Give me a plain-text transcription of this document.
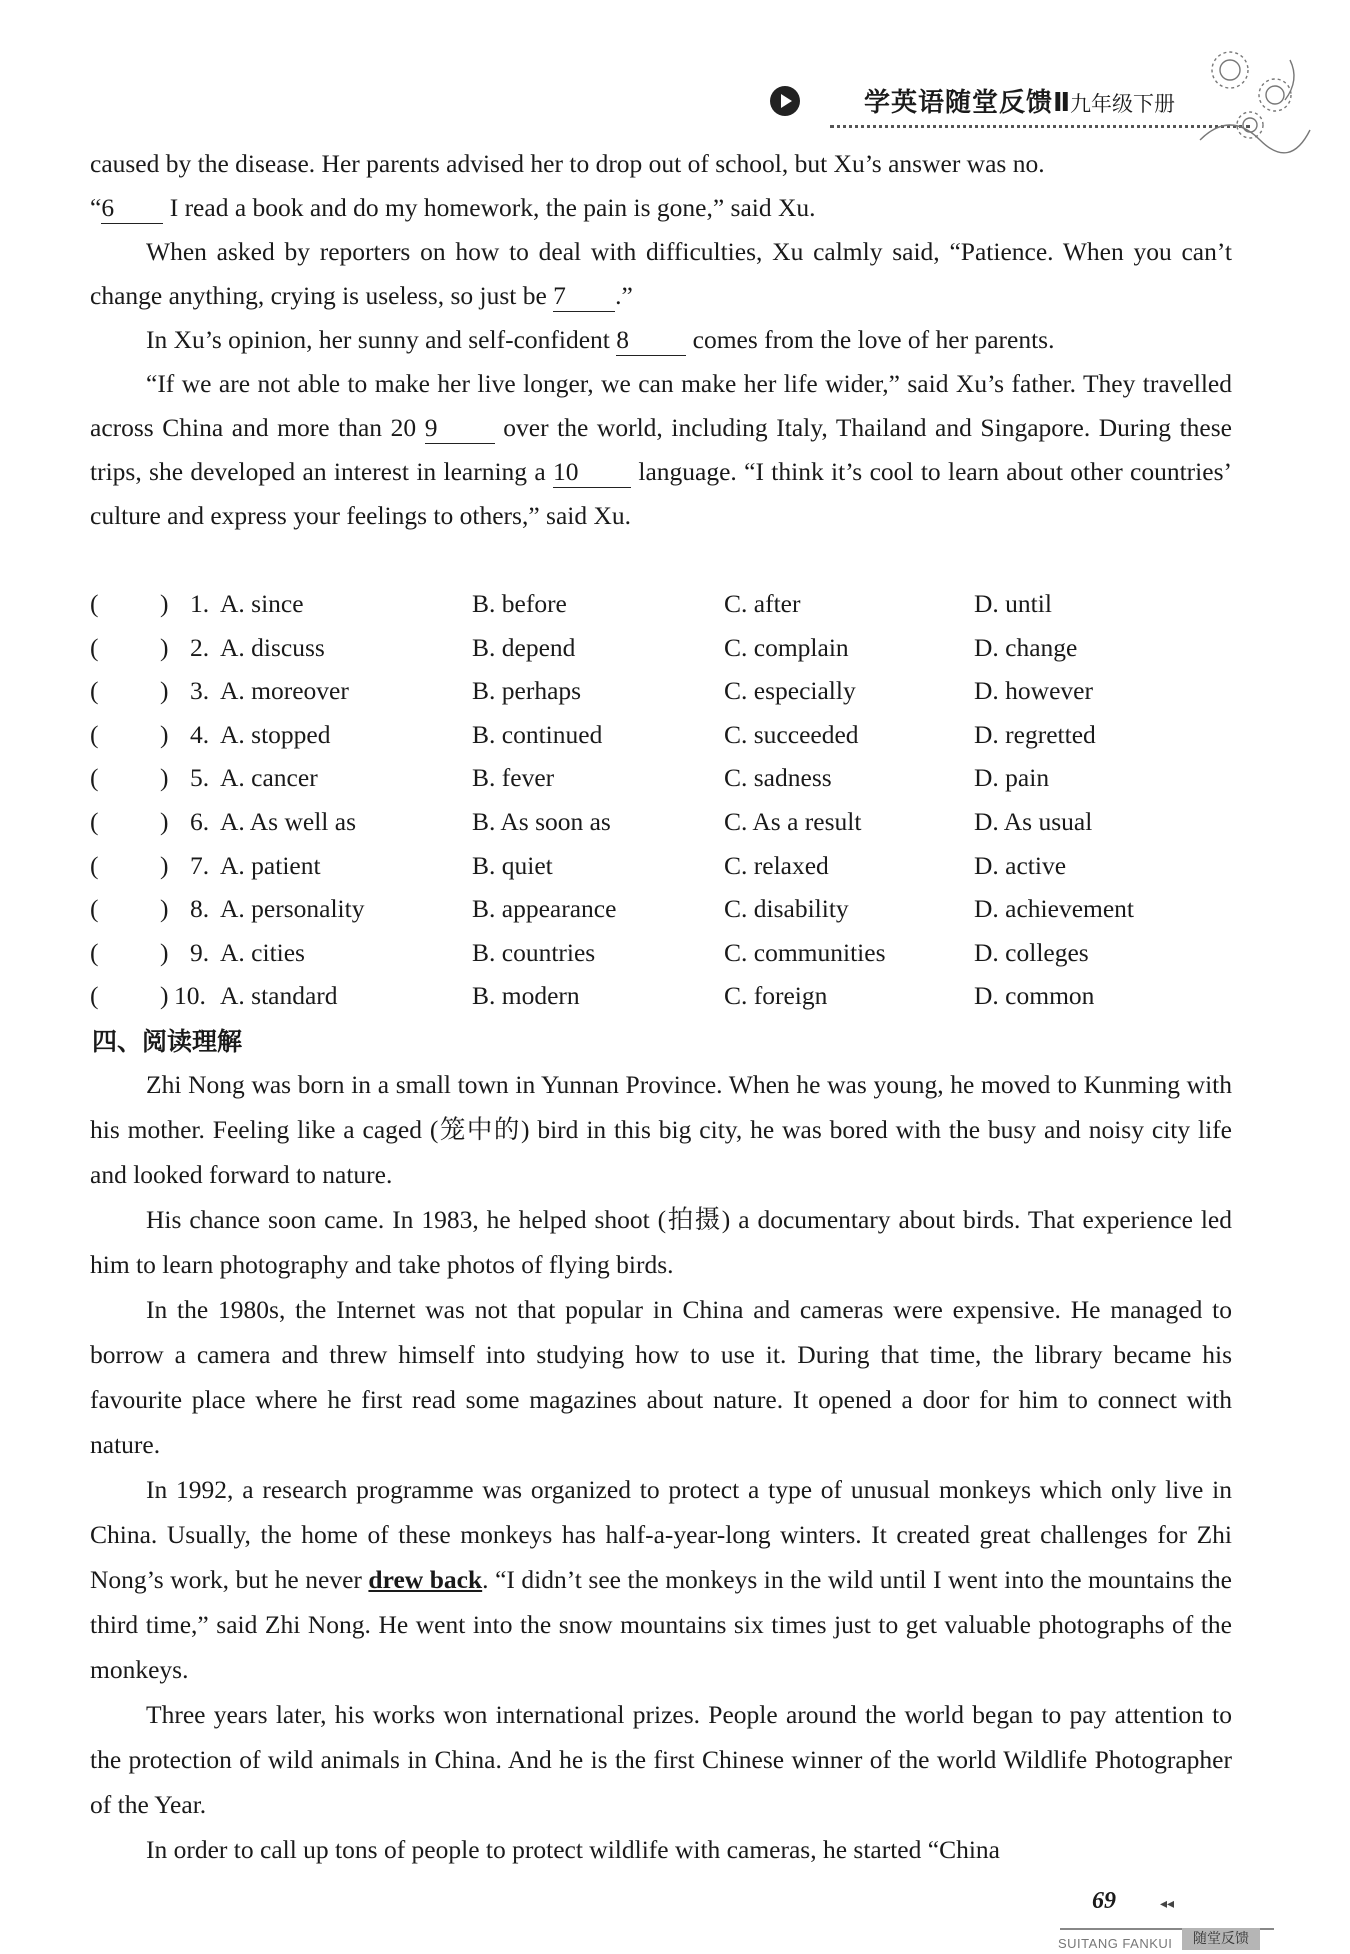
学英语随堂反馈Ⅱ
九年级下册

caused by the disease. Her parents advised her to drop out of school, but Xu’s answer was no.

“6 I read a book and do my homework, the pain is gone,” said Xu.

When asked by reporters on how to deal with difficulties, Xu calmly said, “Patience. When you can’t change anything, crying is useless, so just be 7 .”

In Xu’s opinion, her sunny and self-confident 8 comes from the love of her parents.

“If we are not able to make her live longer, we can make her life wider,” said Xu’s father. They travelled across China and more than 20 9 over the world, including Italy, Thailand and Singapore. During these trips, she developed an interest in learning a 10 language. “I think it’s cool to learn about other countries’ culture and express your feelings to others,” said Xu.

( ) 1. A. since	B. before	C. after	D. until
( ) 2. A. discuss	B. depend	C. complain	D. change
( ) 3. A. moreover	B. perhaps	C. especially	D. however
( ) 4. A. stopped	B. continued	C. succeeded	D. regretted
( ) 5. A. cancer	B. fever	C. sadness	D. pain
( ) 6. A. As well as	B. As soon as	C. As a result	D. As usual
( ) 7. A. patient	B. quiet	C. relaxed	D. active
( ) 8. A. personality	B. appearance	C. disability	D. achievement
( ) 9. A. cities	B. countries	C. communities	D. colleges
( ) 10. A. standard	B. modern	C. foreign	D. common
四、阅读理解

Zhi Nong was born in a small town in Yunnan Province. When he was young, he moved to Kunming with his mother. Feeling like a caged (笼中的) bird in this big city, he was bored with the busy and noisy city life and looked forward to nature.

His chance soon came. In 1983, he helped shoot (拍摄) a documentary about birds. That experience led him to learn photography and take photos of flying birds.

In the 1980s, the Internet was not that popular in China and cameras were expensive. He managed to borrow a camera and threw himself into studying how to use it. During that time, the library became his favourite place where he first read some magazines about nature. It opened a door for him to connect with nature.

In 1992, a research programme was organized to protect a type of unusual monkeys which only live in China. Usually, the home of these monkeys has half-a-year-long winters. It created great challenges for Zhi Nong’s work, but he never drew back. “I didn’t see the monkeys in the wild until I went into the mountains the third time,” said Zhi Nong. He went into the snow mountains six times just to get valuable photographs of the monkeys.

Three years later, his works won international prizes. People around the world began to pay attention to the protection of wild animals in China. And he is the first Chinese winner of the world Wildlife Photographer of the Year.

In order to call up tons of people to protect wildlife with cameras, he started “China

69	◂◂
SUITANG FANKUI	随堂反馈
